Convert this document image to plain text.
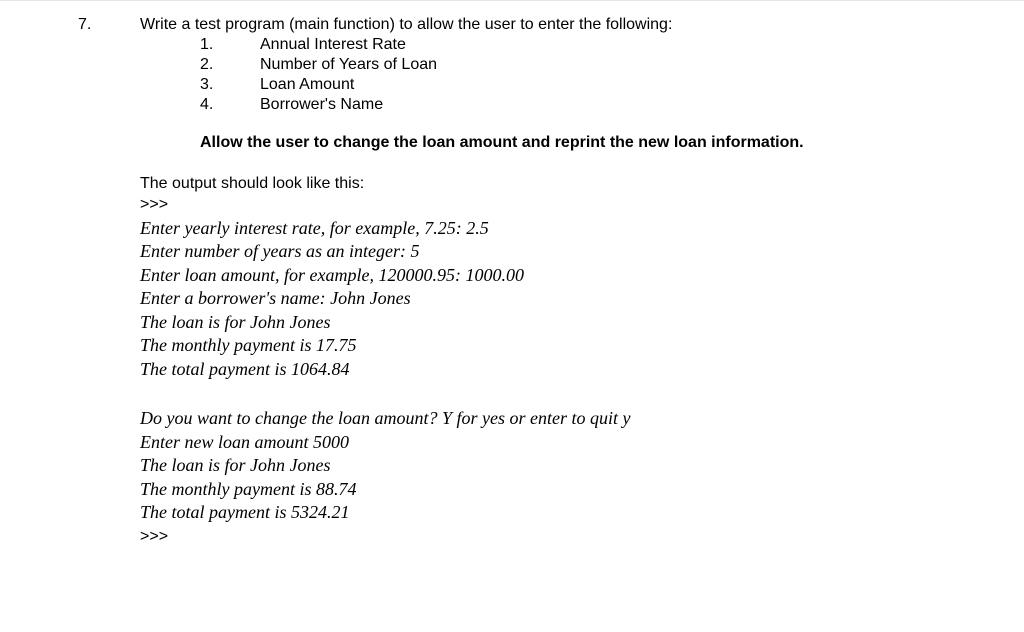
7.	Write a test program (main function) to allow the user to enter the following:
1.	Annual Interest Rate
2.	Number of Years of Loan
3.	Loan Amount
4.	Borrower's Name
Allow the user to change the loan amount and reprint the new loan information.
The output should look like this:
>>>
Enter yearly interest rate, for example, 7.25: 2.5
Enter number of years as an integer: 5
Enter loan amount, for example, 120000.95: 1000.00
Enter a borrower's name: John Jones
The loan is for John Jones
The monthly payment is 17.75
The total payment is 1064.84
Do you want to change the loan amount? Y for yes or enter to quit y
Enter new loan amount 5000
The loan is for John Jones
The monthly payment is 88.74
The total payment is 5324.21
>>>
